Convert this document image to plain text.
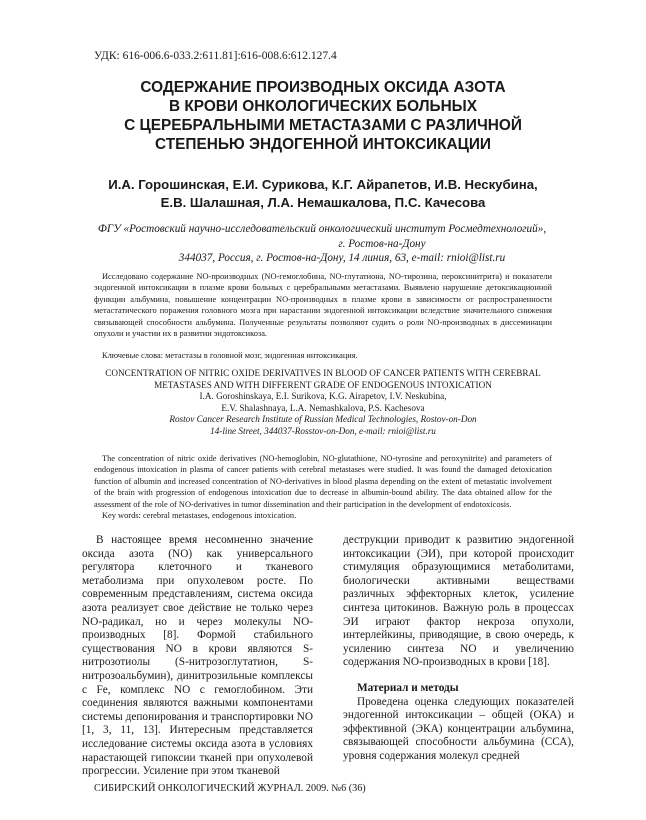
УДК: 616-006.6-033.2:611.81]:616-008.6:612.127.4
СОДЕРЖАНИЕ ПРОИЗВОДНЫХ ОКСИДА АЗОТА
В КРОВИ ОНКОЛОГИЧЕСКИХ БОЛЬНЫХ
С ЦЕРЕБРАЛЬНЫМИ МЕТАСТАЗАМИ С РАЗЛИЧНОЙ
СТЕПЕНЬЮ ЭНДОГЕННОЙ ИНТОКСИКАЦИИ
И.А. Горошинская, Е.И. Сурикова, К.Г. Айрапетов, И.В. Нескубина,
Е.В. Шалашная, Л.А. Немашкалова, П.С. Качесова
ФГУ «Ростовский научно-исследовательский онкологический институт Росмедтехнологий»,
г. Ростов-на-Дону
344037, Россия, г. Ростов-на-Дону, 14 линия, 63, e-mail: rnioi@list.ru
Исследовано содержание NO-производных (NO-гемоглобина, NO-глутатиона, NO-тирозина, пероксинитрита) и показатели эндогенной интоксикации в плазме крови больных с церебральными метастазами. Выявлено нарушение детоксикационной функции альбумина, повышение концентрации NO-производных в плазме крови в зависимости от распространенности метастатического поражения головного мозга при нарастании эндогенной интоксикации вследствие значительного снижения связывающей способности альбумина. Полученные результаты позволяют судить о роли NO-производных в диссеминации опухоли и участии их в развитии эндотоксикоза.
Ключевые слова: метастазы в головной мозг, эндогенная интоксикация.
CONCENTRATION OF NITRIC OXIDE DERIVATIVES IN BLOOD OF CANCER PATIENTS WITH CEREBRAL
METASTASES AND WITH DIFFERENT GRADE OF ENDOGENOUS INTOXICATION
I.A. Goroshinskaya, E.I. Surikova, K.G. Airapetov, I.V. Neskubina,
E.V. Shalashnaya, L.A. Nemashkalova, P.S. Kachesova
Rostov Cancer Research Institute of Russian Medical Technologies, Rostov-on-Don
14-line Street, 344037-Rosstov-on-Don, e-mail: rnioi@list.ru
The concentration of nitric oxide derivatives (NO-hemoglobin, NO-glutathione, NO-tyrosine and peroxynitrite) and parameters of endogenous intoxication in plasma of cancer patients with cerebral metastases were studied. It was found the damaged detoxication function of albumin and increased concentration of NO-derivatives in blood plasma depending on the extent of metastatic involvement of the brain with progression of endogenous intoxication due to decrease in albumin-bound ability. The data obtained allow for the assessment of the role of NO-derivatives in tumor dissemination and their participation in the development of endotoxicosis.
Key words: cerebral metastases, endogenous intoxication.

В настоящее время несомненно значение оксида азота (NO) как универсального регулятора клеточного и тканевого метаболизма при опухолевом росте. По современным представлениям, система оксида азота реализует свое действие не только через NO-радикал, но и через молекулы NO-производных [8]. Формой стабильного существования NO в крови являются S-нитрозотиолы (S-нитрозоглутатион, S-нитрозоальбумин), динитрозильные комплексы с Fe, комплекс NO с гемоглобином. Эти соединения являются важными компонентами системы депонирования и транспортировки NO [1, 3, 11, 13]. Интересным представляется исследование системы оксида азота в условиях нарастающей гипоксии тканей при опухолевой прогрессии. Усиление при этом тканевой

деструкции приводит к развитию эндогенной интоксикации (ЭИ), при которой происходит стимуляция образующимися метаболитами, биологически активными веществами различных эффекторных клеток, усиление синтеза цитокинов. Важную роль в процессах ЭИ играют фактор некроза опухоли, интерлейкины, приводящие, в свою очередь, к усилению синтеза NO и увеличению содержания NO-производных в крови [18].

Материал и методы

Проведена оценка следующих показателей эндогенной интоксикации – общей (ОКА) и эффективной (ЭКА) концентрации альбумина, связывающей способности альбумина (ССА), уровня содержания молекул средней

СИБИРСКИЙ ОНКОЛОГИЧЕСКИЙ ЖУРНАЛ. 2009. №6 (36)
